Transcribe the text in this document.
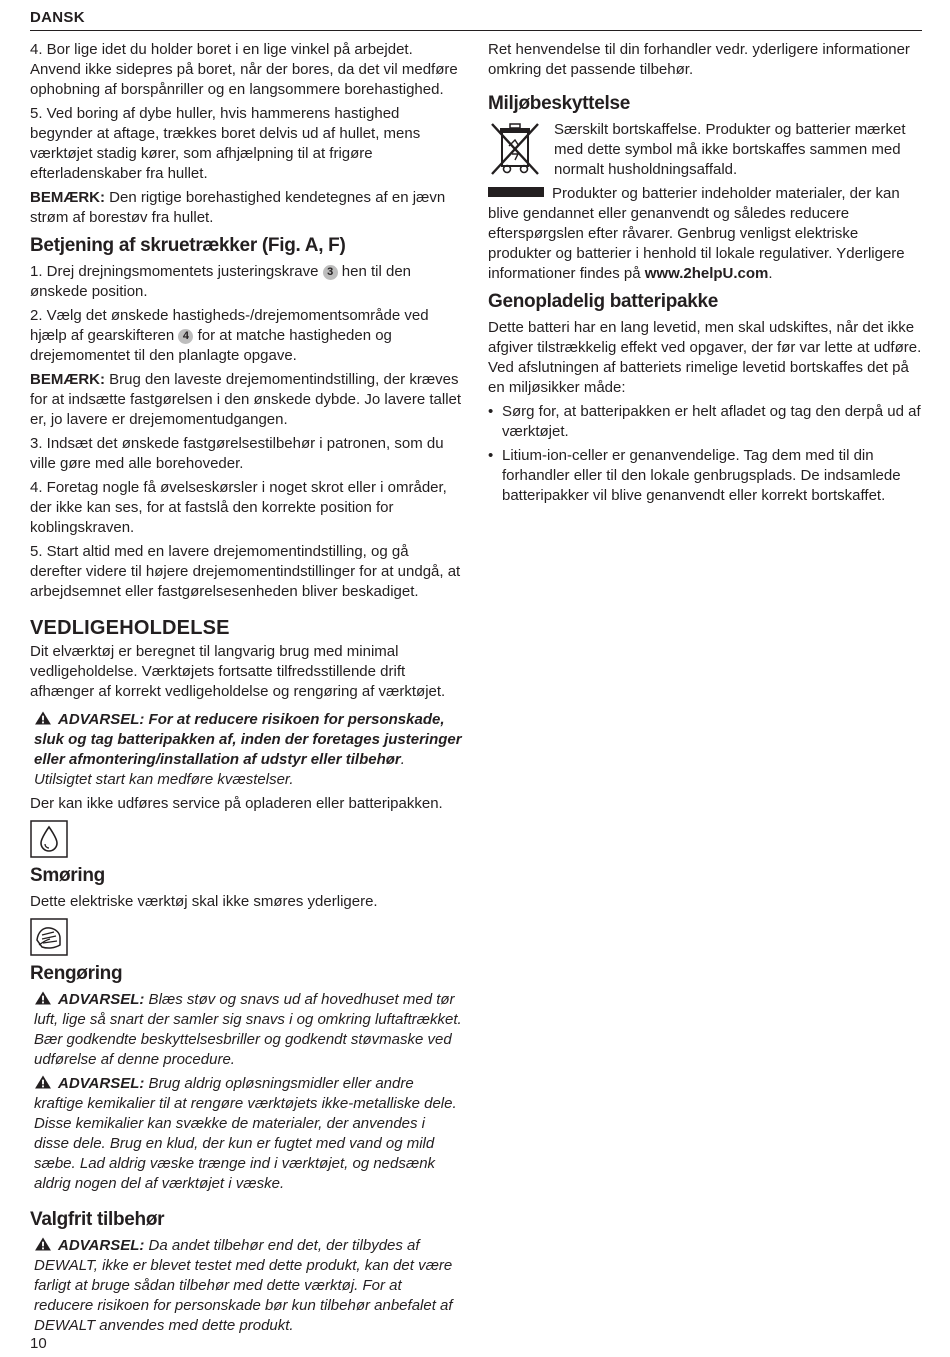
DANSK

4. Bor lige idet du holder boret i en lige vinkel på arbejdet. Anvend ikke sidepres på boret, når der bores, da det vil medføre ophobning af borspånriller og en langsommere borehastighed.

5. Ved boring af dybe huller, hvis hammerens hastighed begynder at aftage, trækkes boret delvis ud af hullet, mens værktøjet stadig kører, som afhjælpning til at frigøre efterladenskaber fra hullet.

BEMÆRK: Den rigtige borehastighed kendetegnes af en jævn strøm af borestøv fra hullet.

Betjening af skruetrækker (Fig. A, F)

1. Drej drejningsmomentets justeringskrave 3 hen til den ønskede position.

2. Vælg det ønskede hastigheds-/drejemomentsområde ved hjælp af gearskifteren 4 for at matche hastigheden og drejemomentet til den planlagte opgave.

BEMÆRK: Brug den laveste drejemomentindstilling, der kræves for at indsætte fastgørelsen i den ønskede dybde. Jo lavere tallet er, jo lavere er drejemomentudgangen.

3. Indsæt det ønskede fastgørelsestilbehør i patronen, som du ville gøre med alle borehoveder.

4. Foretag nogle få øvelseskørsler i noget skrot eller i områder, der ikke kan ses, for at fastslå den korrekte position for koblingskraven.

5. Start altid med en lavere drejemomentindstilling, og gå derefter videre til højere drejemomentindstillinger for at undgå, at arbejdsemnet eller fastgørelsesenheden bliver beskadiget.

VEDLIGEHOLDELSE

Dit elværktøj er beregnet til langvarig brug med minimal vedligeholdelse. Værktøjets fortsatte tilfredsstillende drift afhænger af korrekt vedligeholdelse og rengøring af værktøjet.

ADVARSEL: For at reducere risikoen for personskade, sluk og tag batteripakken af, inden der foretages justeringer eller afmontering/installation af udstyr eller tilbehør. Utilsigtet start kan medføre kvæstelser.

Der kan ikke udføres service på opladeren eller batteripakken.

Smøring

Dette elektriske værktøj skal ikke smøres yderligere.

Rengøring
ADVARSEL: Blæs støv og snavs ud af hovedhuset med tør luft, lige så snart der samler sig snavs i og omkring luftaftrækket. Bær godkendte beskyttelsesbriller og godkendt støvmaske ved udførelse af denne procedure.
ADVARSEL: Brug aldrig opløsningsmidler eller andre kraftige kemikalier til at rengøre værktøjets ikke-metalliske dele. Disse kemikalier kan svække de materialer, der anvendes i disse dele. Brug en klud, der kun er fugtet med vand og mild sæbe. Lad aldrig væske trænge ind i værktøjet, og nedsænk aldrig nogen del af værktøjet i væske.
Valgfrit tilbehør
ADVARSEL: Da andet tilbehør end det, der tilbydes af DEWALT, ikke er blevet testet med dette produkt, kan det være farligt at bruge sådan tilbehør med dette værktøj. For at reducere risikoen for personskade bør kun tilbehør anbefalet af DEWALT anvendes med dette produkt.

Ret henvendelse til din forhandler vedr. yderligere informationer omkring det passende tilbehør.

Miljøbeskyttelse

Særskilt bortskaffelse. Produkter og batterier mærket med dette symbol må ikke bortskaffes sammen med normalt husholdningsaffald.

Produkter og batterier indeholder materialer, der kan blive gendannet eller genanvendt og således reducere efterspørgslen efter råvarer. Genbrug venligst elektriske produkter og batterier i henhold til lokale regulativer. Yderligere informationer findes på www.2helpU.com.

Genopladelig batteripakke

Dette batteri har en lang levetid, men skal udskiftes, når det ikke afgiver tilstrækkelig effekt ved opgaver, der før var lette at udføre. Ved afslutningen af batteriets rimelige levetid bortskaffes det på en miljøsikker måde:

• Sørg for, at batteripakken er helt afladet og tag den derpå ud af værktøjet.

• Litium-ion-celler er genanvendelige. Tag dem med til din forhandler eller til den lokale genbrugsplads. De indsamlede batteripakker vil blive genanvendt eller korrekt bortskaffet.

10
